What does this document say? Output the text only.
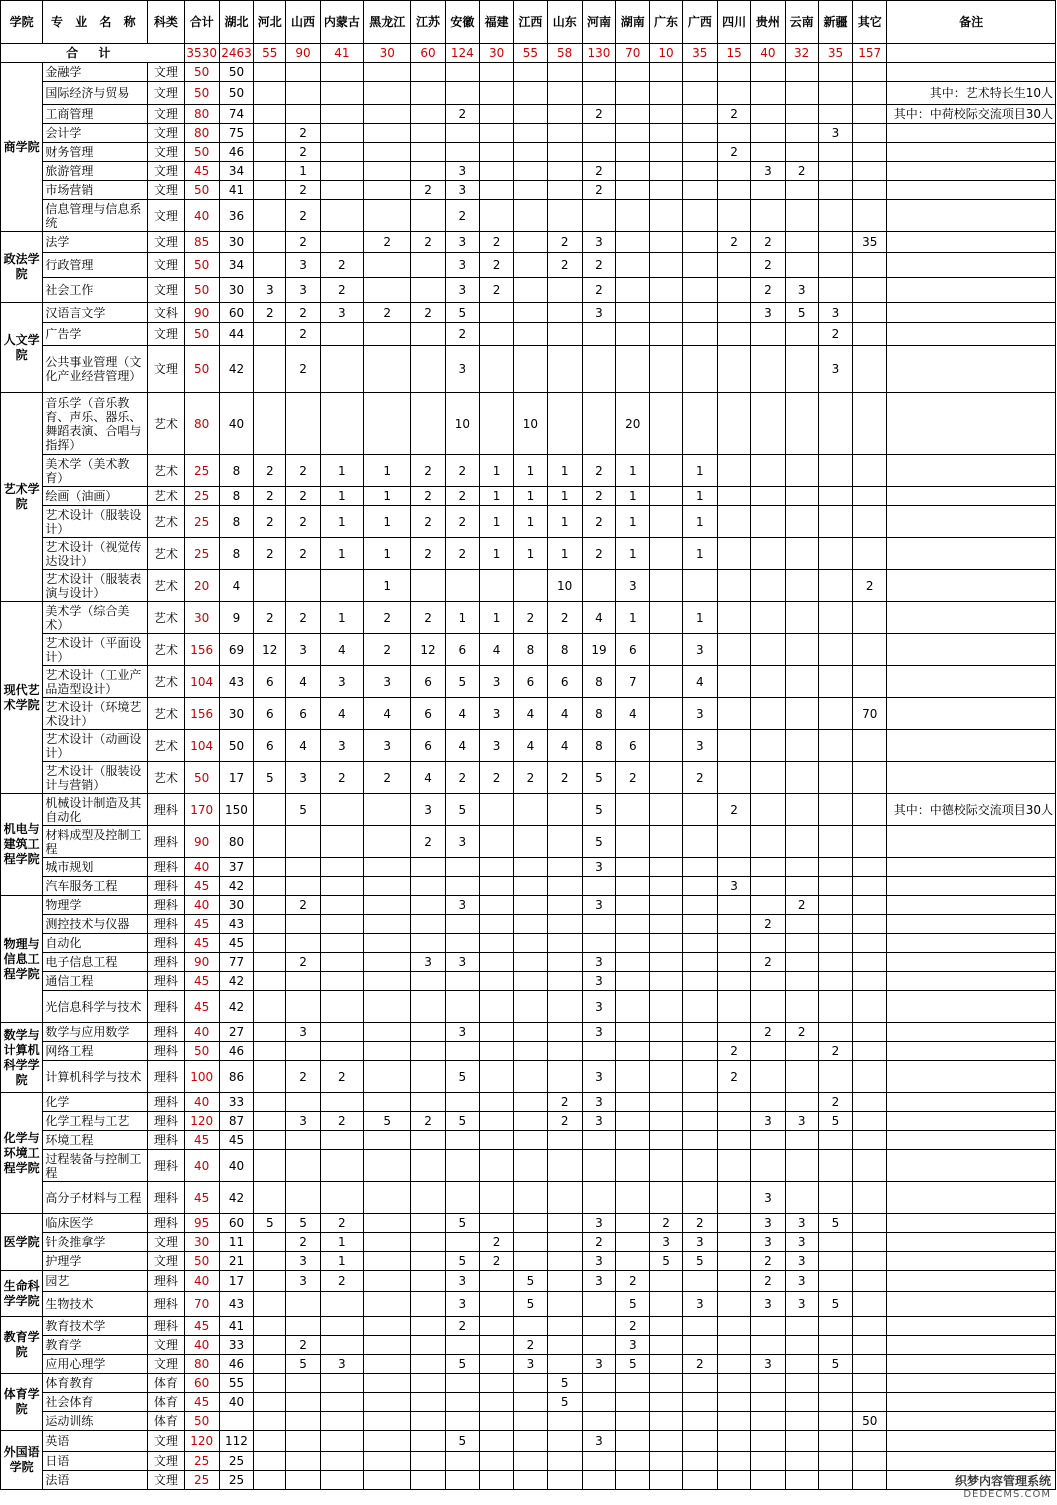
学院	专 业 名 称	科类	合计	湖北	河北	山西	内蒙古	黑龙江	江苏	安徽	福建	江西	山东	河南	湖南	广东	广西	四川	贵州	云南	新疆	其它	备注
合 计			3530	2463	55	90	41	30	60	124	30	55	58	130	70	10	35	15	40	32	35	157	
商学院	金融学	文理	50	50																			
	国际经济与贸易	文理	50	50																			其中：艺术特长生10人
	工商管理	文理	80	74						2				2				2					其中：中荷校际交流项目30人
	会计学	文理	80	75		2															3		
	财务管理	文理	50	46		2												2					
	旅游管理	文理	45	34		1				3				2					3	2			
	市场营销	文理	50	41		2			2	3				2									
	信息管理与信息系统	文理	40	36		2				2													
政法学院	法学	文理	85	30		2		2	2	3	2		2	3				2	2			35	
	行政管理	文理	50	34		3	2			3	2		2	2					2				
	社会工作	文理	50	30	3	3	2			3	2			2					2	3			
人文学院	汉语言文学	文科	90	60	2	2	3	2	2	5				3					3	5	3		
	广告学	文理	50	44		2				2											2		
	公共事业管理（文化产业经营管理）	文理	50	42		2				3											3		
艺术学院	音乐学（音乐教育、声乐、器乐、舞蹈表演、合唱与指挥）	艺术	80	40						10		10			20								
	美术学（美术教育）	艺术	25	8	2	2	1	1	2	2	1	1	1	2	1		1						
	绘画（油画）	艺术	25	8	2	2	1	1	2	2	1	1	1	2	1		1						
	艺术设计（服装设计）	艺术	25	8	2	2	1	1	2	2	1	1	1	2	1		1						
	艺术设计（视觉传达设计）	艺术	25	8	2	2	1	1	2	2	1	1	1	2	1		1						
	艺术设计（服装表演与设计）	艺术	20	4				1					10		3							2	
现代艺术学院	美术学（综合美术）	艺术	30	9	2	2	1	2	2	1	1	2	2	4	1		1						
	艺术设计（平面设计）	艺术	156	69	12	3	4	2	12	6	4	8	8	19	6		3						
	艺术设计（工业产品造型设计）	艺术	104	43	6	4	3	3	6	5	3	6	6	8	7		4						
	艺术设计（环境艺术设计）	艺术	156	30	6	6	4	4	6	4	3	4	4	8	4		3					70	
	艺术设计（动画设计）	艺术	104	50	6	4	3	3	6	4	3	4	4	8	6		3						
	艺术设计（服装设计与营销）	艺术	50	17	5	3	2	2	4	2	2	2	2	5	2		2						
机电与建筑工程学院	机械设计制造及其自动化	理科	170	150		5			3	5				5				2					其中：中德校际交流项目30人
	材料成型及控制工程	理科	90	80					2	3				5									
	城市规划	理科	40	37										3									
	汽车服务工程	理科	45	42														3					
物理与信息工程学院	物理学	理科	40	30		2				3				3						2			
	测控技术与仪器	理科	45	43															2				
	自动化	理科	45	45																			
	电子信息工程	理科	90	77		2			3	3				3					2				
	通信工程	理科	45	42										3									
	光信息科学与技术	理科	45	42										3									
数学与计算机科学学院	数学与应用数学	理科	40	27		3				3				3					2	2			
	网络工程	理科	50	46														2			2		
	计算机科学与技术	理科	100	86		2	2			5				3				2					
化学与环境工程学院	化学	理科	40	33									2	3							2		
	化学工程与工艺	理科	120	87		3	2	5	2	5			2	3					3	3	5		
	环境工程	理科	45	45																			
	过程装备与控制工程	理科	40	40																			
	高分子材料与工程	理科	45	42															3				
医学院	临床医学	理科	95	60	5	5	2			5				3		2	2		3	3	5		
	针灸推拿学	文理	30	11		2	1				2			2		3	3		3	3			
	护理学	文理	50	21		3	1			5	2			3		5	5		2	3			
生命科学学院	园艺	理科	40	17		3	2			3		5		3	2				2	3			
	生物技术	理科	70	43						3		5			5		3		3	3	5		
教育学院	教育技术学	理科	45	41						2					2								
	教育学	文理	40	33		2						2			3								
	应用心理学	文理	80	46		5	3			5		3		3	5		2		3		5		
体育学院	体育教育	体育	60	55									5										
	社会体育	体育	45	40									5										
	运动训练	体育	50																			50	
外国语学院	英语	文理	120	112						5				3									
	日语	文理	25	25																			
	法语	文理	25	25																				织梦内容管理系统
DEDECMS.COM
